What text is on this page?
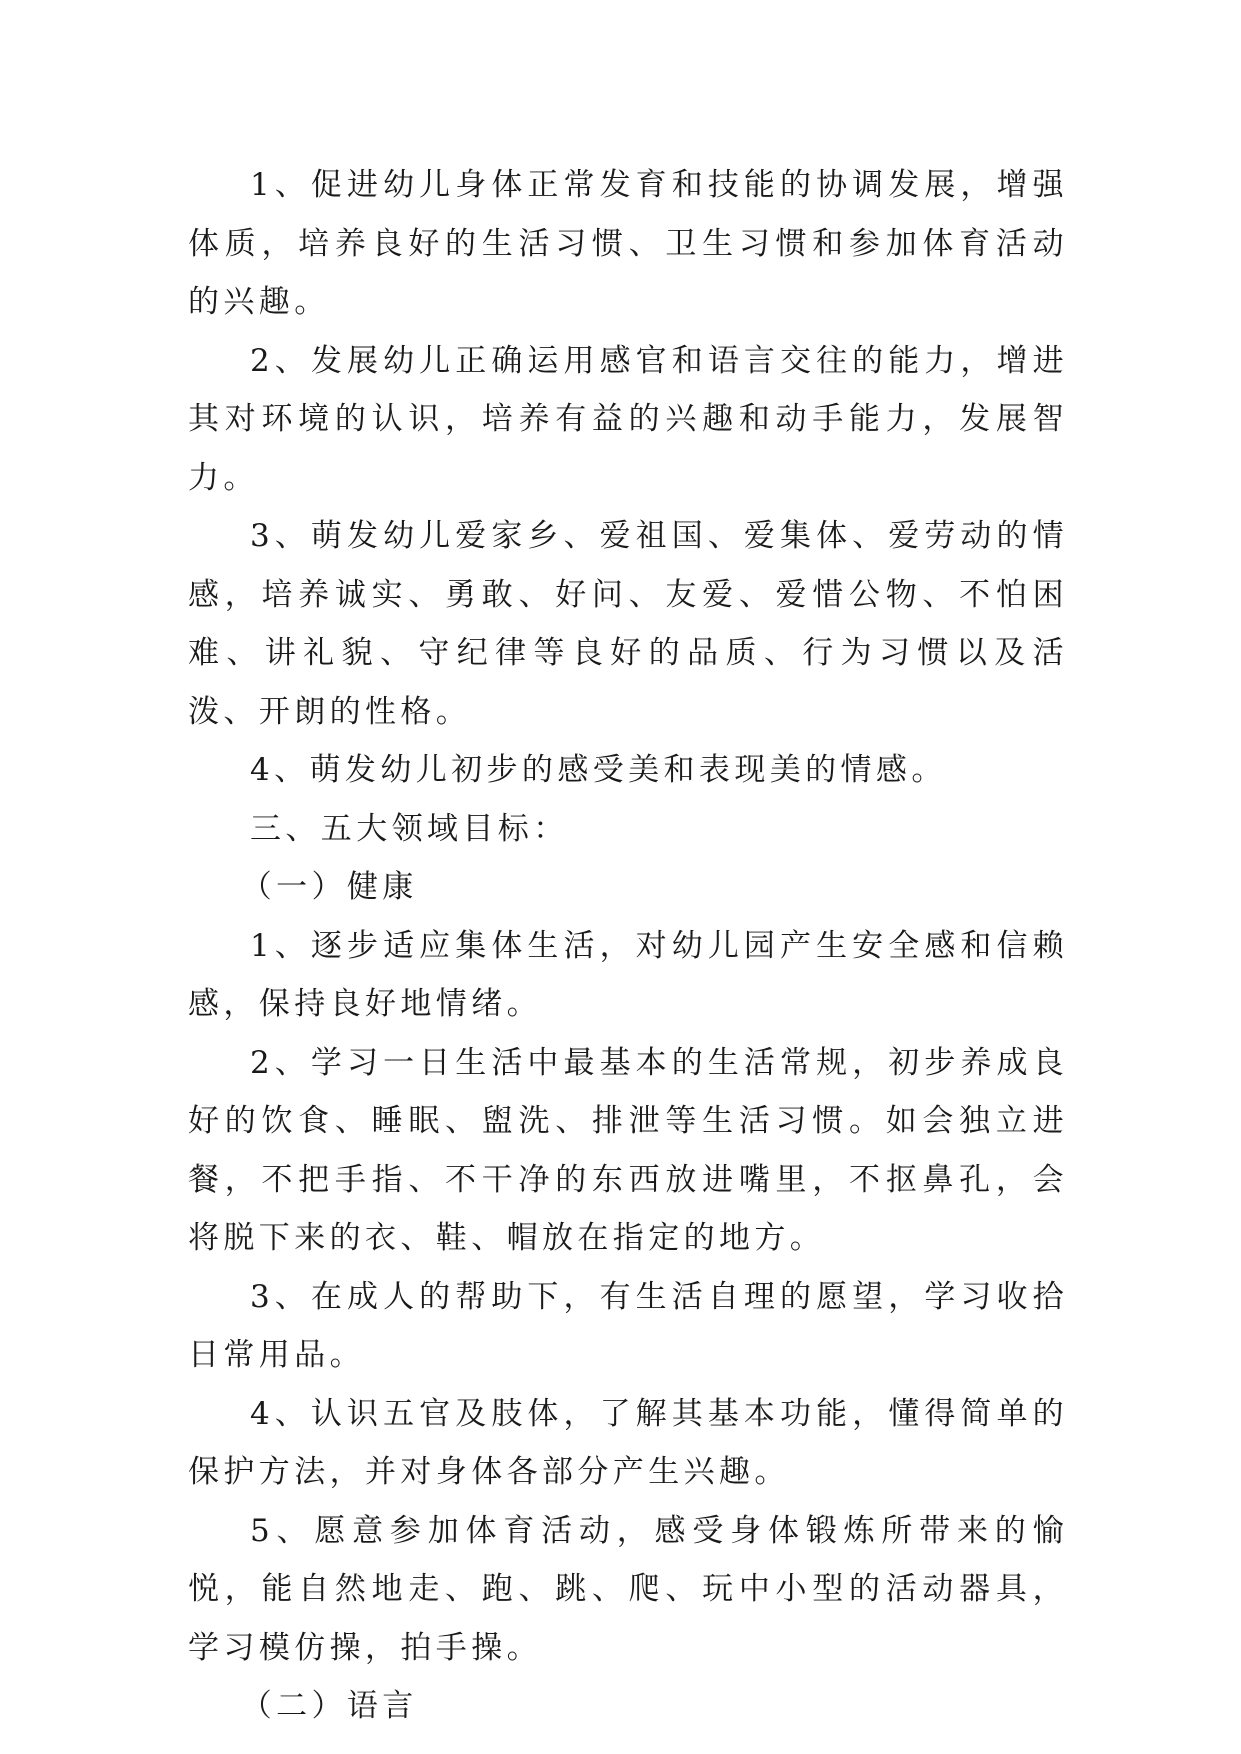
1、促进幼儿身体正常发育和技能的协调发展，增强体质，培养良好的生活习惯、卫生习惯和参加体育活动的兴趣。

2、发展幼儿正确运用感官和语言交往的能力，增进其对环境的认识，培养有益的兴趣和动手能力，发展智力。

3、萌发幼儿爱家乡、爱祖国、爱集体、爱劳动的情感，培养诚实、勇敢、好问、友爱、爱惜公物、不怕困难、讲礼貌、守纪律等良好的品质、行为习惯以及活泼、开朗的性格。

4、萌发幼儿初步的感受美和表现美的情感。

三、五大领域目标：

（一）健康

1、逐步适应集体生活，对幼儿园产生安全感和信赖感，保持良好地情绪。

2、学习一日生活中最基本的生活常规，初步养成良好的饮食、睡眠、盥洗、排泄等生活习惯。如会独立进餐，不把手指、不干净的东西放进嘴里，不抠鼻孔，会将脱下来的衣、鞋、帽放在指定的地方。

3、在成人的帮助下，有生活自理的愿望，学习收拾日常用品。

4、认识五官及肢体，了解其基本功能，懂得简单的保护方法，并对身体各部分产生兴趣。

5、愿意参加体育活动，感受身体锻炼所带来的愉悦，能自然地走、跑、跳、爬、玩中小型的活动器具，学习模仿操，拍手操。

（二）语言
